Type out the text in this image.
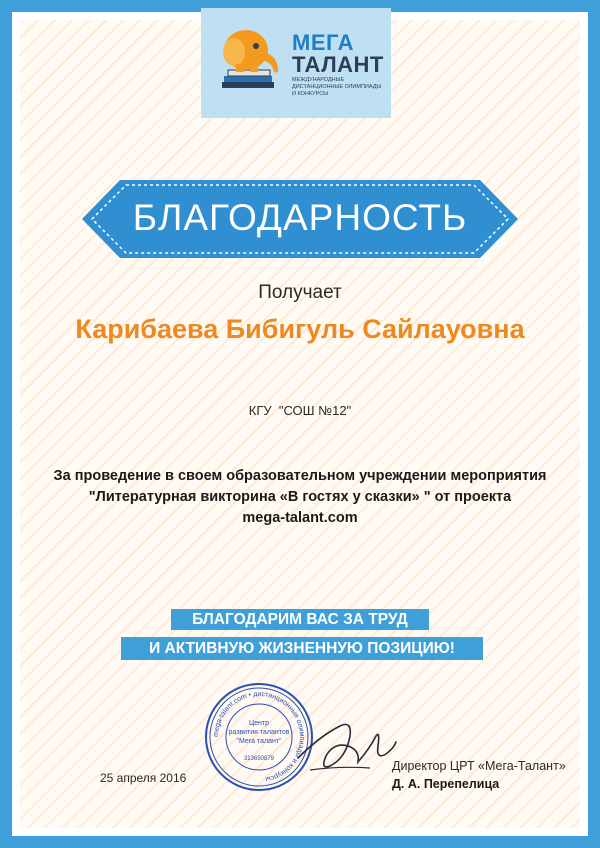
МЕГА
ТАЛАНТ
МЕЖДУНАРОДНЫЕ ДИСТАНЦИОННЫЕ ОЛИМПИАДЫ И КОНКУРСЫ
БЛАГОДАРНОСТЬ
Получает
Карибаева Бибигуль Сайлауовна
КГУ  "СОШ №12"
За проведение в своем образовательном учреждении мероприятия
"Литературная викторина «В гостях у сказки» " от проекта
mega-talant.com
БЛАГОДАРИМ ВАС ЗА ТРУД
И АКТИВНУЮ ЖИЗНЕННУЮ ПОЗИЦИЮ!
mega-talant.com • дистанционные олимпиады и конкурсы
Центр
развития талантов
"Мега талант"
313650879
25 апреля 2016
Директор ЦРТ «Мега-Талант»
Д. А. Перепелица
